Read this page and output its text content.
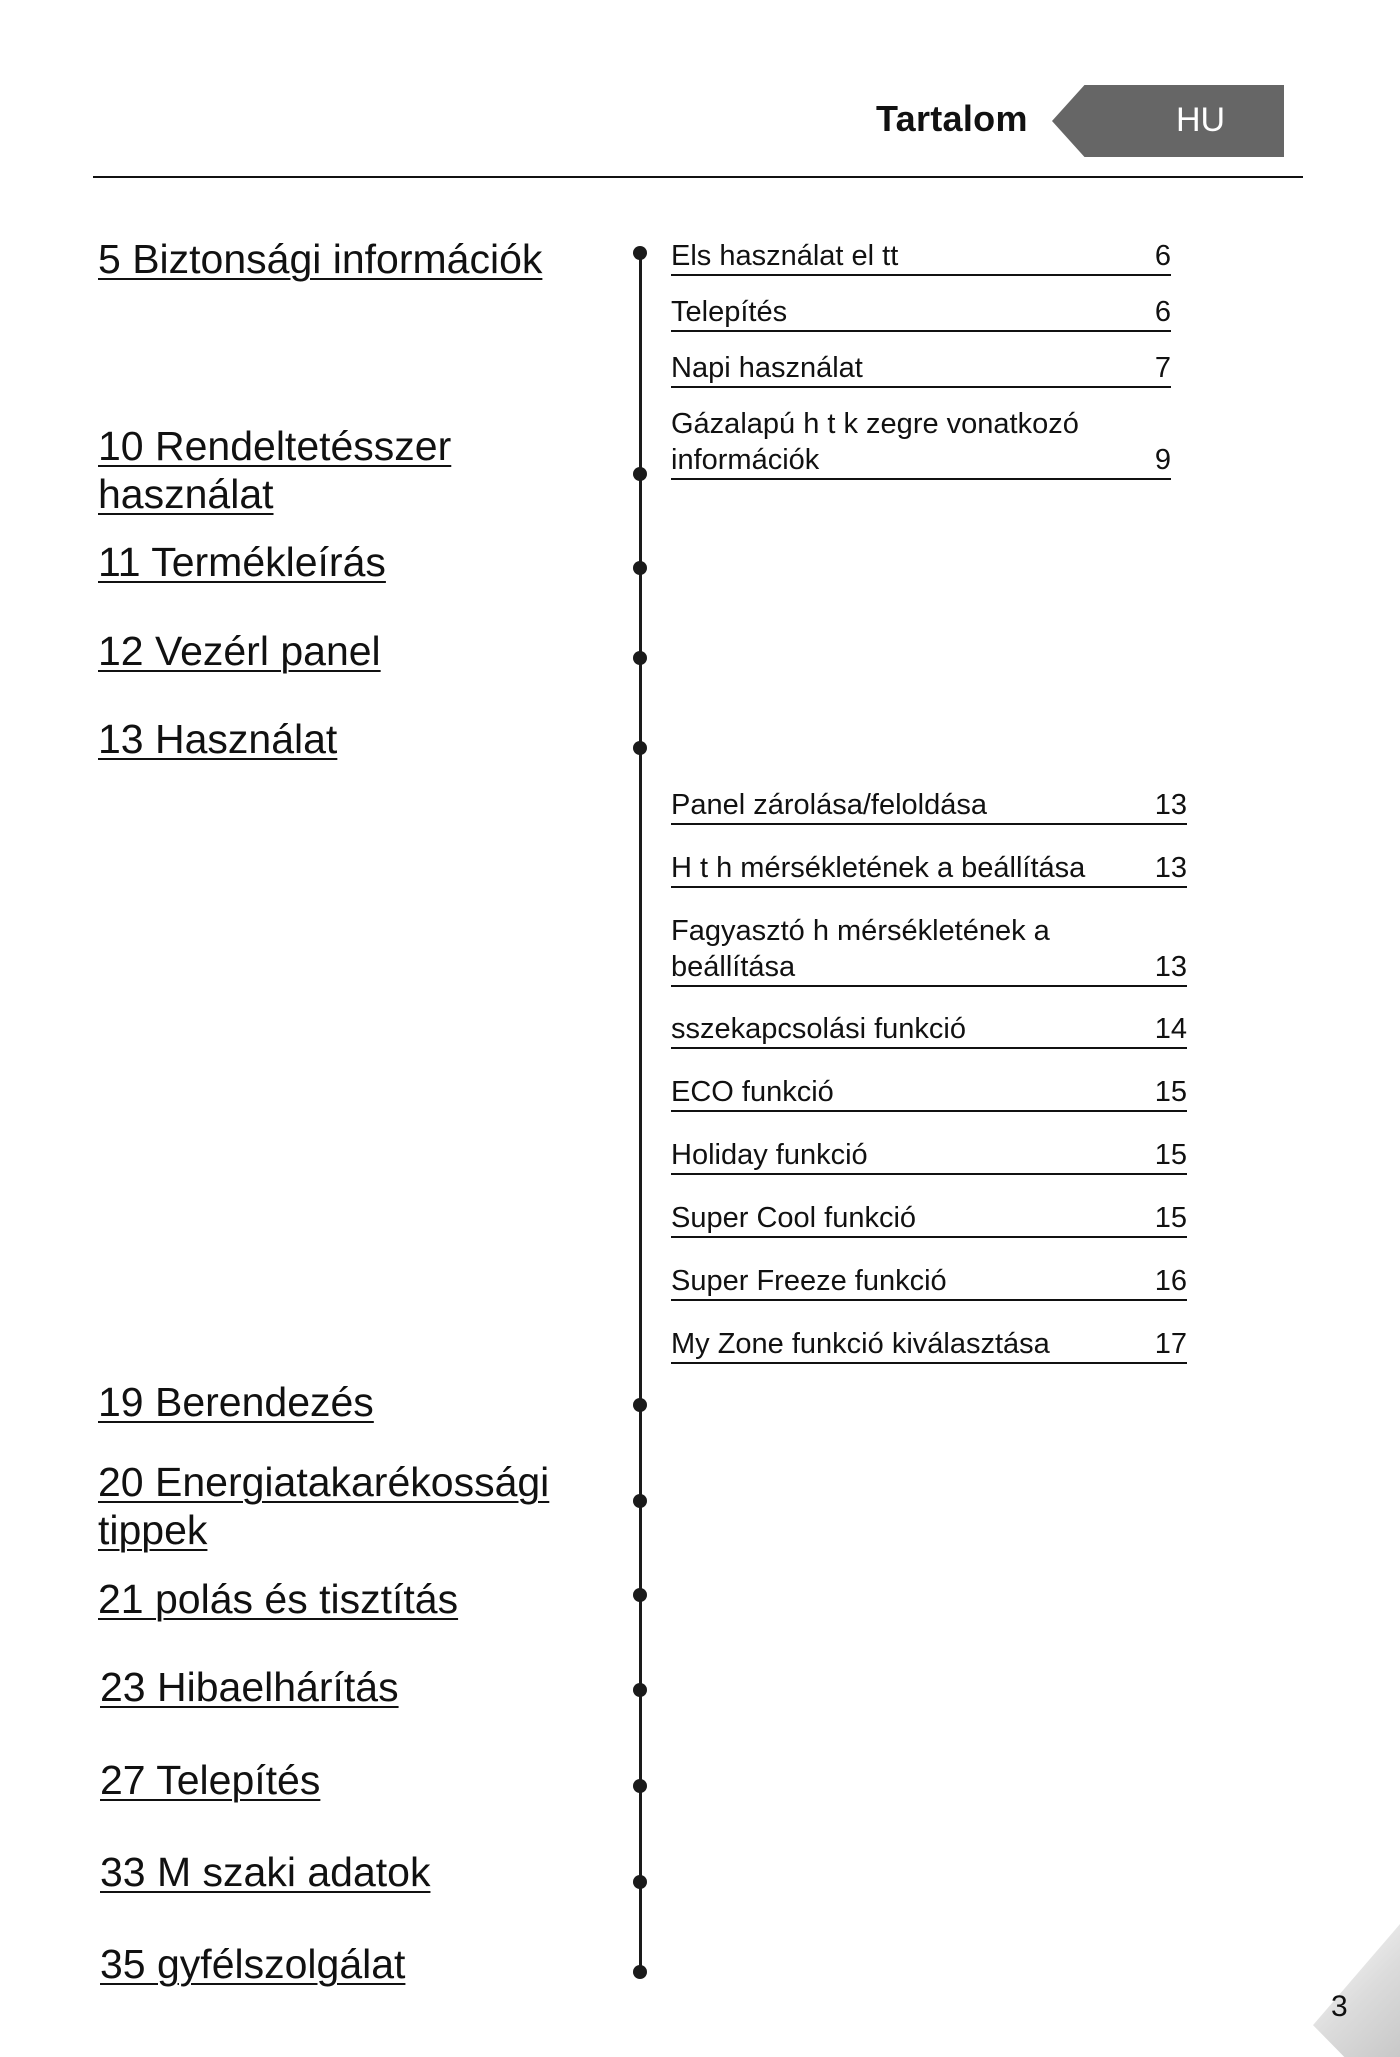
Tartalom	HU
5 Biztonsági információk
10 Rendeltetésszer használat
11 Termékleírás
12 Vezérl panel
13 Használat
19 Berendezés
20 Energiatakarékossági tippek
21 polás és tisztítás
23 Hibaelhárítás
27 Telepítés
33 M szaki adatok
35 gyfélszolgálat
Els használat el tt	6
Telepítés	6
Napi használat	7
Gázalapú h t k zegre vonatkozó információk	9
Panel zárolása/feloldása	13
H t h mérsékletének a beállítása	13
Fagyasztó h mérsékletének a beállítása	13
sszekapcsolási funkció	14
ECO funkció	15
Holiday funkció	15
Super Cool funkció	15
Super Freeze funkció	16
My Zone funkció kiválasztása	17
3
